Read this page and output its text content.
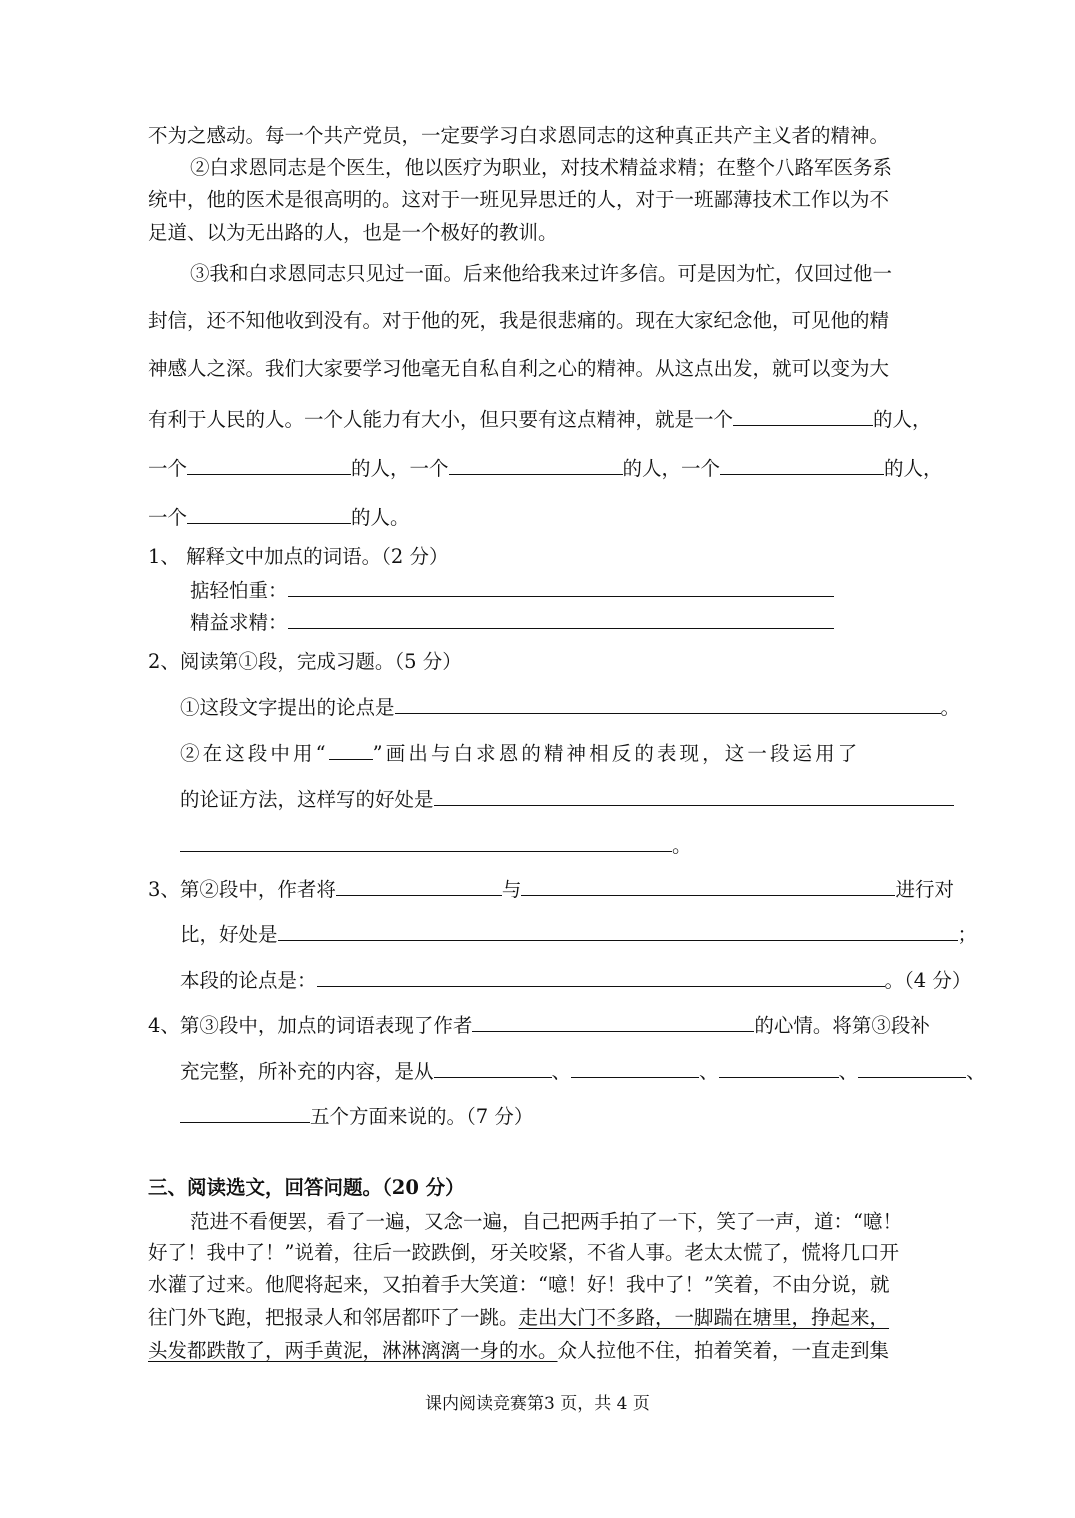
不为之感动。每一个共产党员，一定要学习白求恩同志的这种真正共产主义者的精神。
②白求恩同志是个医生，他以医疗为职业，对技术精益求精；在整个八路军医务系
统中，他的医术是很高明的。这对于一班见异思迁的人，对于一班鄙薄技术工作以为不
足道、以为无出路的人，也是一个极好的教训。
③我和白求恩同志只见过一面。后来他给我来过许多信。可是因为忙，仅回过他一
封信，还不知他收到没有。对于他的死，我是很悲痛的。现在大家纪念他，可见他的精
神感人之深。我们大家要学习他毫无自私自利之心的精神。从这点出发，就可以变为大
有利于人民的人。一个人能力有大小，但只要有这点精神，就是一个	的人，
一个	的人，一个	的人，一个	的人，
一个	的人。
1、 解释文中加点的词语。（2 分）
掂轻怕重：
精益求精：
2、阅读第①段，完成习题。（5 分）
①这段文字提出的论点是	。
②在这段中用“ ”画出与白求恩的精神相反的表现，这一段运用了
的论证方法，这样写的好处是
。
3、第②段中，作者将	与	进行对
比，好处是	；
本段的论点是：	。（4 分）
4、第③段中，加点的词语表现了作者	的心情。将第③段补
充完整，所补充的内容，是从	、	、	、	、
五个方面来说的。（7 分）
三、阅读选文，回答问题。（20 分）
范进不看便罢，看了一遍，又念一遍，自己把两手拍了一下，笑了一声，道：“噫！
好了！我中了！”说着，往后一跤跌倒，牙关咬紧，不省人事。老太太慌了，慌将几口开
水灌了过来。他爬将起来，又拍着手大笑道：“噫！好！我中了！”笑着，不由分说，就
往门外飞跑，把报录人和邻居都吓了一跳。走出大门不多路，一脚踹在塘里，挣起来，
头发都跌散了，两手黄泥，淋淋漓漓一身的水。众人拉他不住，拍着笑着，一直走到集
课内阅读竞赛第3 页，共 4 页
